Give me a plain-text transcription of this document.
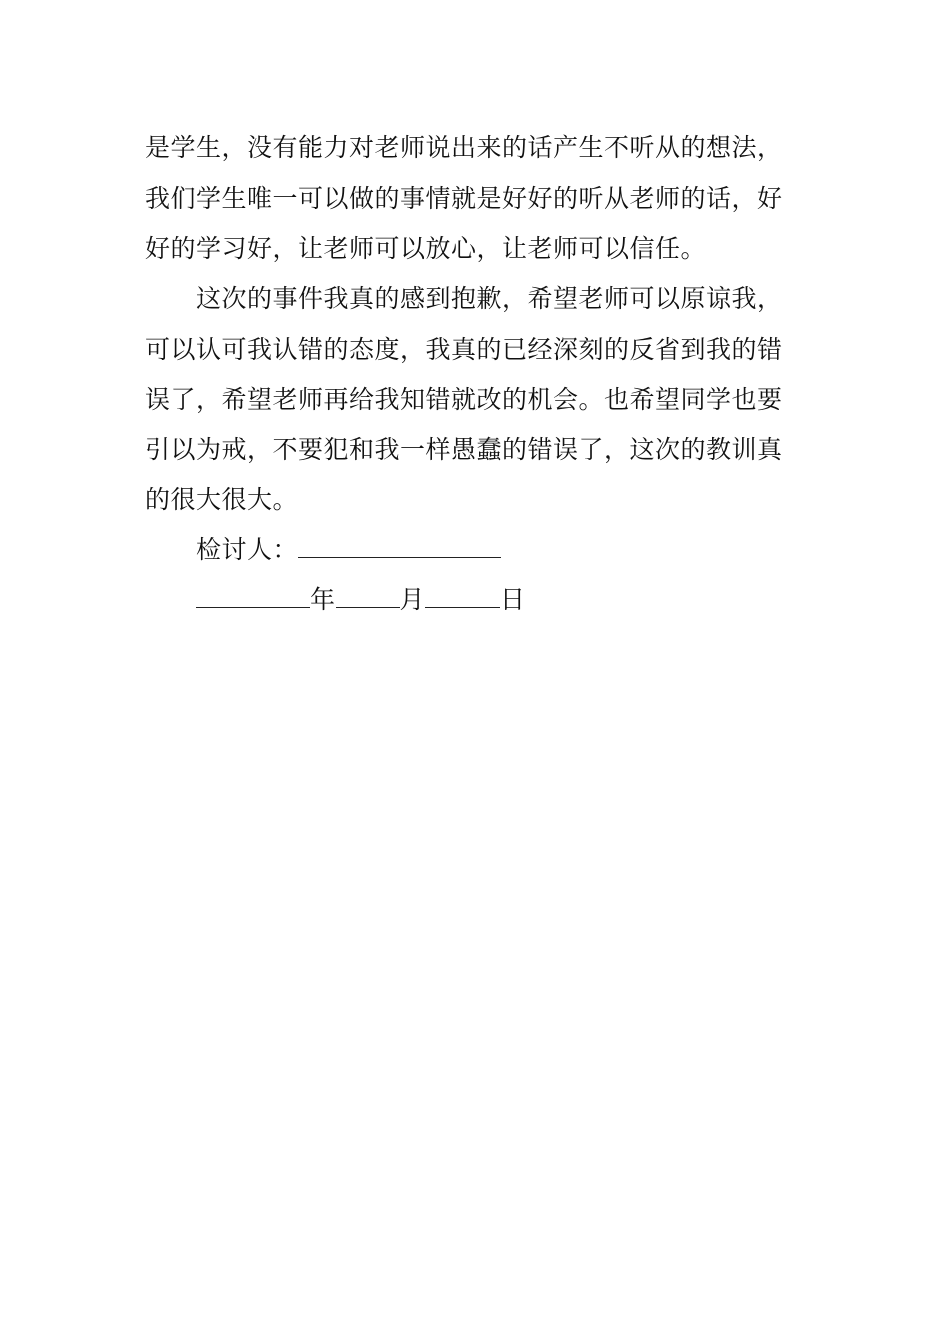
是学生，没有能力对老师说出来的话产生不听从的想法，
我们学生唯一可以做的事情就是好好的听从老师的话，好
好的学习好，让老师可以放心，让老师可以信任。
这次的事件我真的感到抱歉，希望老师可以原谅我，
可以认可我认错的态度，我真的已经深刻的反省到我的错
误了，希望老师再给我知错就改的机会。也希望同学也要
引以为戒，不要犯和我一样愚蠢的错误了，这次的教训真
的很大很大。
检讨人：
年	月	日
